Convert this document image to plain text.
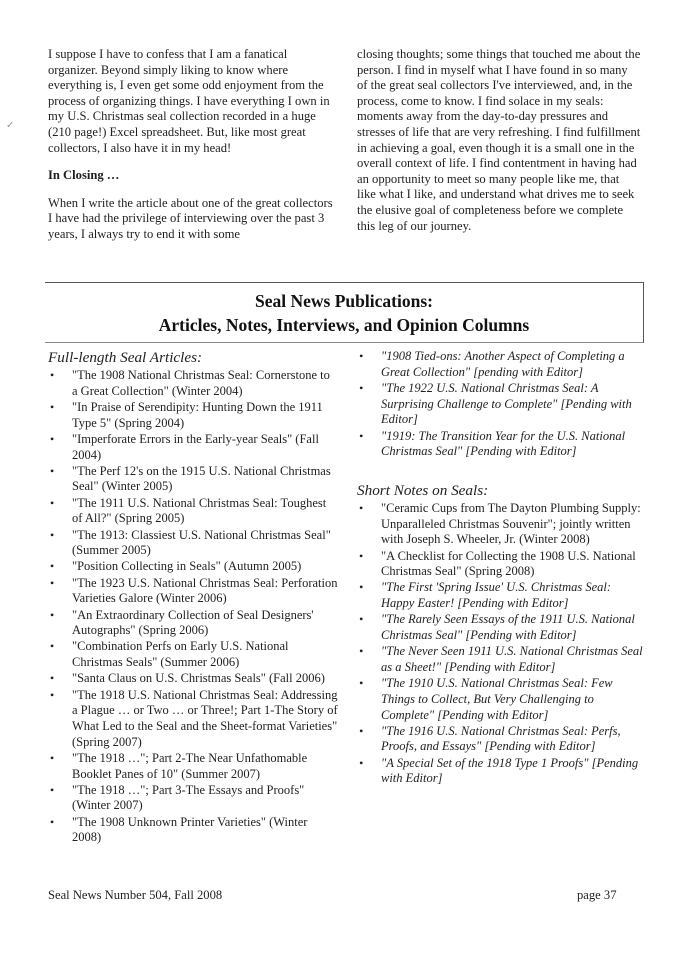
✓

I suppose I have to confess that I am a fanatical organizer. Beyond simply liking to know where everything is, I even get some odd enjoyment from the process of organizing things. I have everything I own in my U.S. Christmas seal collection recorded in a huge (210 page!) Excel spreadsheet. But, like most great collectors, I also have it in my head!

In Closing …

When I write the article about one of the great collectors I have had the privilege of interviewing over the past 3 years, I always try to end it with some

closing thoughts; some things that touched me about the person. I find in myself what I have found in so many of the great seal collectors I've interviewed, and, in the process, come to know. I find solace in my seals: moments away from the day-to-day pressures and stresses of life that are very refreshing. I find fulfillment in achieving a goal, even though it is a small one in the overall context of life. I find contentment in having had an opportunity to meet so many people like me, that like what I like, and understand what drives me to seek the elusive goal of completeness before we complete this leg of our journey.

Seal News Publications:
Articles, Notes, Interviews, and Opinion Columns
Full-length Seal Articles:
• "The 1908 National Christmas Seal: Cornerstone to a Great Collection" (Winter 2004)
• "In Praise of Serendipity: Hunting Down the 1911 Type 5" (Spring 2004)
• "Imperforate Errors in the Early-year Seals" (Fall 2004)
• "The Perf 12's on the 1915 U.S. National Christmas Seal" (Winter 2005)
• "The 1911 U.S. National Christmas Seal: Toughest of All?" (Spring 2005)
• "The 1913: Classiest U.S. National Christmas Seal" (Summer 2005)
• "Position Collecting in Seals" (Autumn 2005)
• "The 1923 U.S. National Christmas Seal: Perforation Varieties Galore (Winter 2006)
• "An Extraordinary Collection of Seal Designers' Autographs" (Spring 2006)
• "Combination Perfs on Early U.S. National Christmas Seals" (Summer 2006)
• "Santa Claus on U.S. Christmas Seals" (Fall 2006)
• "The 1918 U.S. National Christmas Seal: Addressing a Plague … or Two … or Three!; Part 1-The Story of What Led to the Seal and the Sheet-format Varieties" (Spring 2007)
• "The 1918 …"; Part 2-The Near Unfathomable Booklet Panes of 10" (Summer 2007)
• "The 1918 …"; Part 3-The Essays and Proofs" (Winter 2007)
• "The 1908 Unknown Printer Varieties" (Winter 2008)
• "1908 Tied-ons: Another Aspect of Completing a Great Collection" [pending with Editor]
• "The 1922 U.S. National Christmas Seal: A Surprising Challenge to Complete" [Pending with Editor]
• "1919: The Transition Year for the U.S. National Christmas Seal" [Pending with Editor]
Short Notes on Seals:
• "Ceramic Cups from The Dayton Plumbing Supply: Unparalleled Christmas Souvenir"; jointly written with Joseph S. Wheeler, Jr. (Winter 2008)
• "A Checklist for Collecting the 1908 U.S. National Christmas Seal" (Spring 2008)
• "The First 'Spring Issue' U.S. Christmas Seal: Happy Easter! [Pending with Editor]
• "The Rarely Seen Essays of the 1911 U.S. National Christmas Seal" [Pending with Editor]
• "The Never Seen 1911 U.S. National Christmas Seal as a Sheet!" [Pending with Editor]
• "The 1910 U.S. National Christmas Seal: Few Things to Collect, But Very Challenging to Complete" [Pending with Editor]
• "The 1916 U.S. National Christmas Seal: Perfs, Proofs, and Essays" [Pending with Editor]
• "A Special Set of the 1918 Type 1 Proofs" [Pending with Editor]
Seal News Number 504, Fall 2008	page 37
